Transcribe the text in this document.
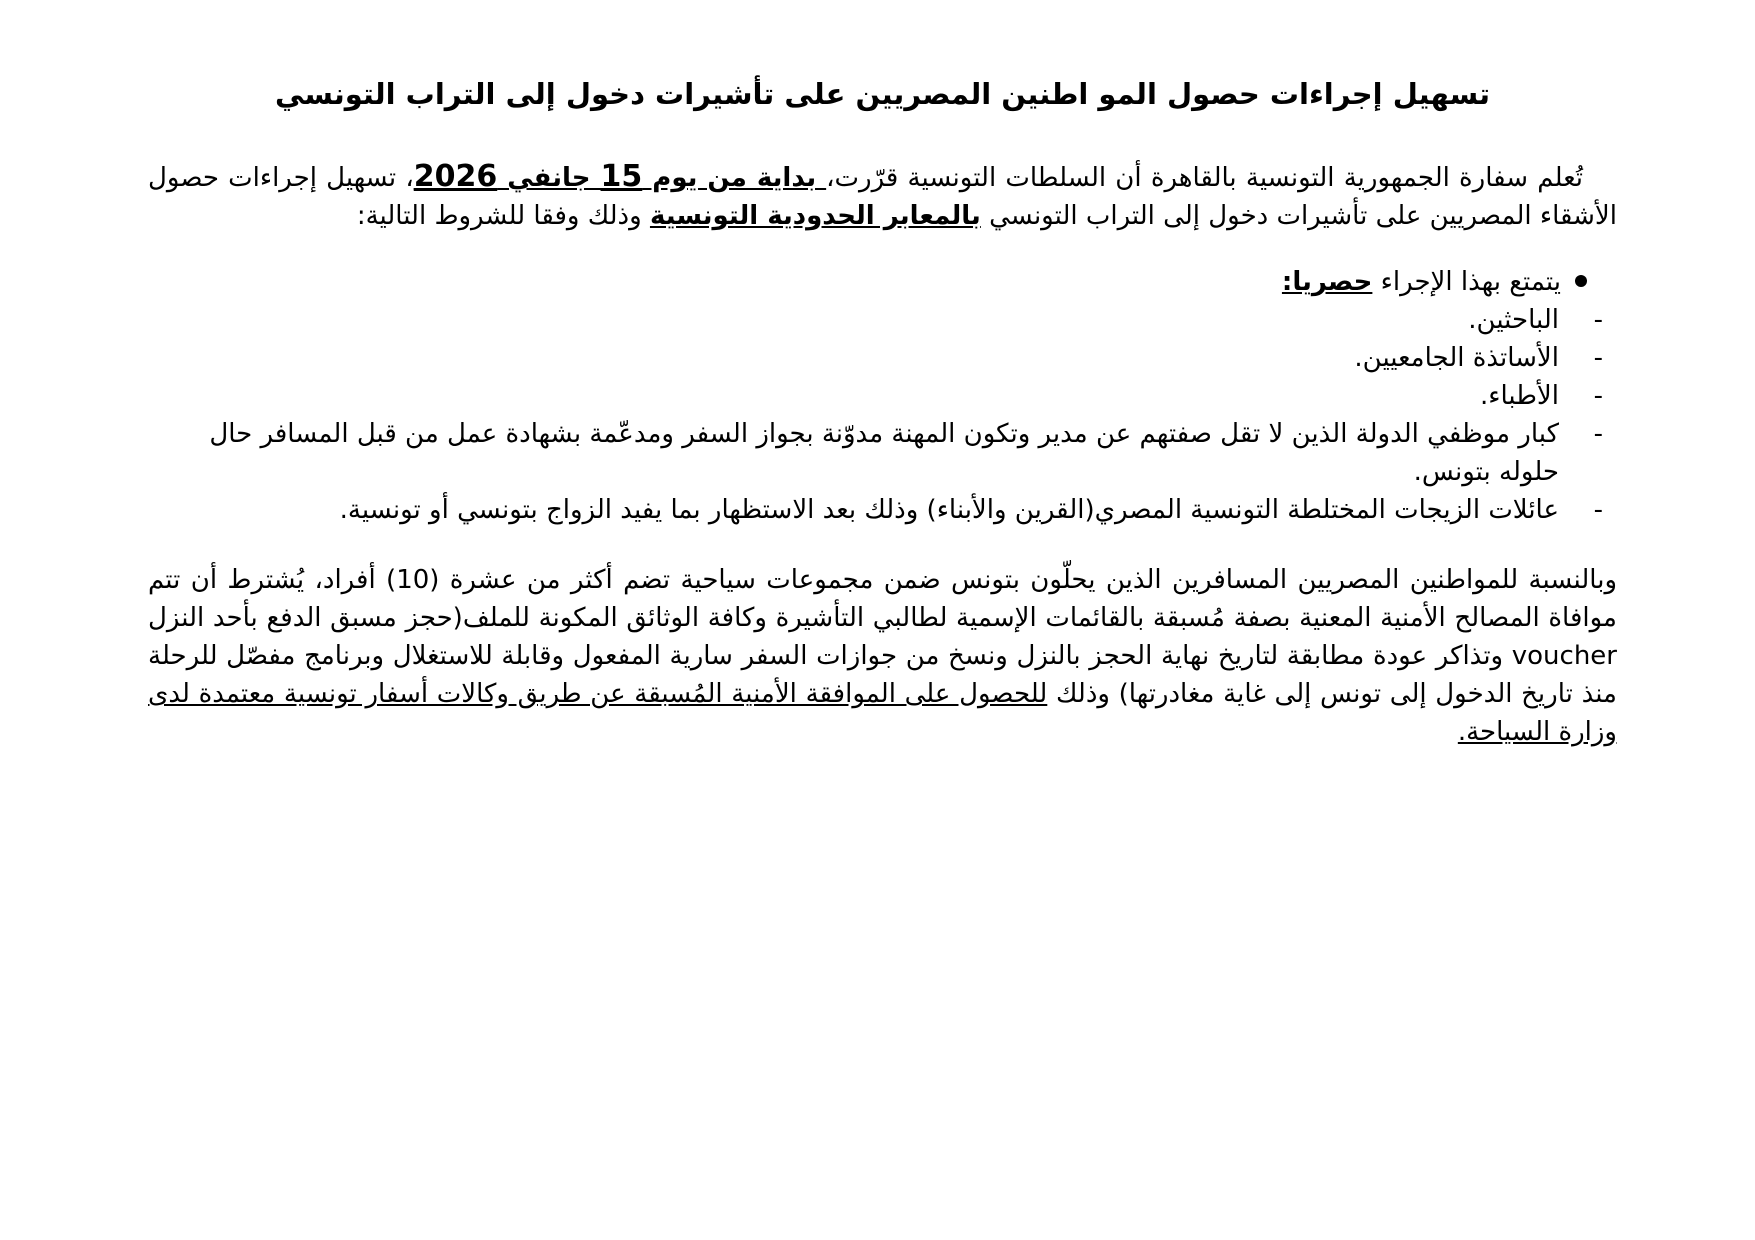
تسهيل إجراءات حصول المو اطنين المصريين على تأشيرات دخول إلى التراب التونسي

تُعلم سفارة الجمهورية التونسية بالقاهرة أن السلطات التونسية قرّرت، بداية من يوم 15 جانفي 2026، تسهيل إجراءات حصول الأشقاء المصريين على تأشيرات دخول إلى التراب التونسي بالمعابر الحدودية التونسية وذلك وفقا للشروط التالية:

يتمتع بهذا الإجراء حصريا:
-
الباحثين.
-
الأساتذة الجامعيين.
-
الأطباء.
-
كبار موظفي الدولة الذين لا تقل صفتهم عن مدير وتكون المهنة مدوّنة بجواز السفر ومدعّمة بشهادة عمل من قبل المسافر حال حلوله بتونس.
-
عائلات الزيجات المختلطة التونسية المصري(القرين والأبناء) وذلك بعد الاستظهار بما يفيد الزواج بتونسي أو تونسية.

وبالنسبة للمواطنين المصريين المسافرين الذين يحلّون بتونس ضمن مجموعات سياحية تضم أكثر من عشرة (10) أفراد، يُشترط أن تتم موافاة المصالح الأمنية المعنية بصفة مُسبقة بالقائمات الإسمية لطالبي التأشيرة وكافة الوثائق المكونة للملف(حجز مسبق الدفع بأحد النزل voucher وتذاكر عودة مطابقة لتاريخ نهاية الحجز بالنزل ونسخ من جوازات السفر سارية المفعول وقابلة للاستغلال وبرنامج مفصّل للرحلة منذ تاريخ الدخول إلى تونس إلى غاية مغادرتها) وذلك للحصول على الموافقة الأمنية المُسبقة عن طريق وكالات أسفار تونسية معتمدة لدى وزارة السياحة.
